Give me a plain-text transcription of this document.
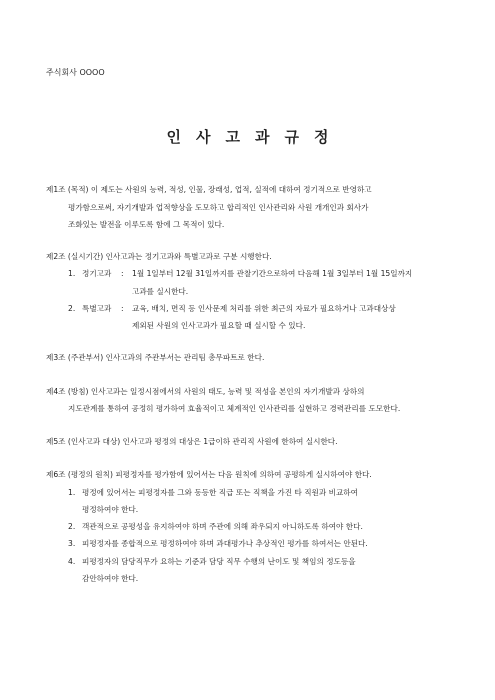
주식회사 OOOO
인사고과규정
제1조 (목적) 이 제도는 사원의 능력, 적성, 인물, 장래성, 업적, 실적에 대하여 정기적으로 반영하고
평가함으로써, 자기개발과 업적향상을 도모하고 합리적인 인사관리와 사원 개개인과 회사가
조화있는 발전을 이루도록 함에 그 목적이 있다.
제2조 (실시기간) 인사고과는 정기고과와 특별고과로 구분 시행한다.
1. 정기고과 : 1월 1일부터 12월 31일까지를 관찰기간으로하여 다음해 1월 3일부터 1월 15일까지
고과를 실시한다.
2. 특별고과 : 교육, 배치, 면직 등 인사문제 처리를 위한 최근의 자료가 필요하거나 고과대상상
제외된 사원의 인사고과가 필요할 때 실시할 수 있다.
제3조 (주관부서) 인사고과의 주관부서는 관리팀 총무파트로 한다.
제4조 (방침) 인사고과는 일정시점에서의 사원의 태도, 능력 및 적성을 본인의 자기개발과 상하의
지도관계를 통하여 공정히 평가하여 효율적이고 체계적인 인사관리를 실현하고 경력관리를 도모한다.
제5조 (인사고과 대상) 인사고과 평정의 대상은 1급이하 관리직 사원에 한하여 실시한다.
제6조 (평정의 원칙) 피평정자를 평가함에 있어서는 다음 원칙에 의하여 공평하게 실시하여야 한다.
1. 평정에 있어서는 피평정자를 그와 동등한 직급 또는 직책을 가진 타 직원과 비교하여
평정하여야 한다.
2. 객관적으로 공평성을 유지하여야 하며 주관에 의해 좌우되지 아니하도록 하여야 한다.
3. 피평정자를 종합적으로 평정하여야 하며 과대평가나 추상적인 평가를 하여서는 안된다.
4. 피평정자의 담당직무가 요하는 기준과 담당 직무 수행의 난이도 및 책임의 정도등을
감안하여야 한다.
